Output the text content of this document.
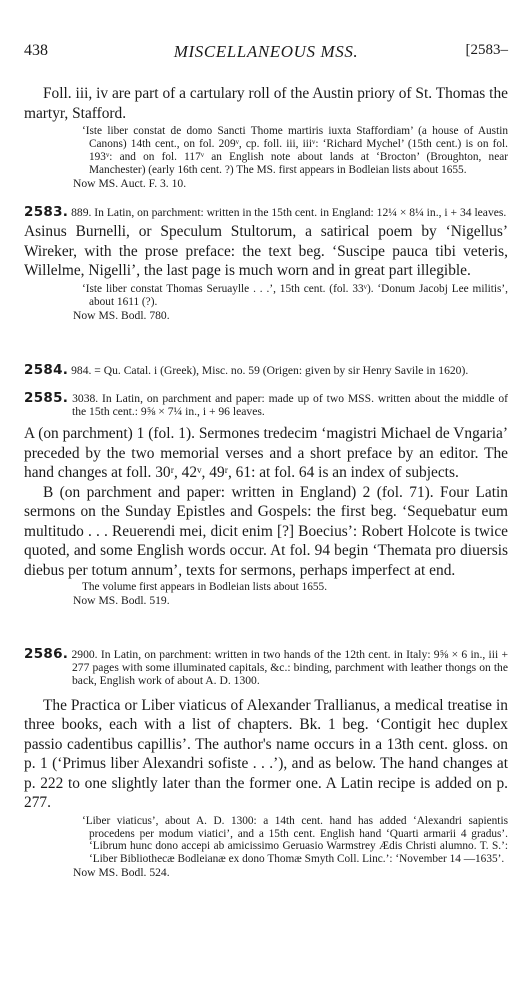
438	MISCELLANEOUS MSS.	[2583–

Foll. iii, iv are part of a cartulary roll of the Austin priory of St. Thomas the martyr, Stafford.

‘Iste liber constat de domo Sancti Thome martiris iuxta Staffordiam’ (a house of Austin Canons) 14th cent., on fol. 209ᵛ, cp. foll. iii, iiiᵛ: ‘Richard Mychel’ (15th cent.) is on fol. 193ᵛ: and on fol. 117ᵛ an English note about lands at ‘Brocton’ (Broughton, near Manchester) (early 16th cent. ?) The MS. first appears in Bodleian lists about 1655.

Now MS. Auct. F. 3. 10.

2583. 889. In Latin, on parchment: written in the 15th cent. in England: 12¼ × 8¼ in., i + 34 leaves.

Asinus Burnelli, or Speculum Stultorum, a satirical poem by ‘Nigellus’ Wireker, with the prose preface: the text beg. ‘Suscipe pauca tibi veteris, Willelme, Nigelli’, the last page is much worn and in great part illegible.

‘Iste liber constat Thomas Seruaylle . . .’, 15th cent. (fol. 33ᵛ). ‘Donum Jacobj Lee militis’, about 1611 (?).

Now MS. Bodl. 780.

2584. 984. = Qu. Catal. i (Greek), Misc. no. 59 (Origen: given by sir Henry Savile in 1620).

2585. 3038. In Latin, on parchment and paper: made up of two MSS. written about the middle of the 15th cent.: 9⅝ × 7¼ in., i + 96 leaves.

A (on parchment) 1 (fol. 1). Sermones tredecim ‘magistri Michael de Vngaria’ preceded by the two memorial verses and a short preface by an editor. The hand changes at foll. 30ʳ, 42ᵛ, 49ʳ, 61: at fol. 64 is an index of subjects.

B (on parchment and paper: written in England) 2 (fol. 71). Four Latin sermons on the Sunday Epistles and Gospels: the first beg. ‘Sequebatur eum multitudo . . . Reuerendi mei, dicit enim [?] Boecius’: Robert Holcote is twice quoted, and some English words occur. At fol. 94 begin ‘Themata pro diuersis diebus per totum annum’, texts for sermons, perhaps imperfect at end.

The volume first appears in Bodleian lists about 1655.

Now MS. Bodl. 519.

2586. 2900. In Latin, on parchment: written in two hands of the 12th cent. in Italy: 9⅝ × 6 in., iii + 277 pages with some illuminated capitals, &c.: binding, parchment with leather thongs on the back, English work of about A. D. 1300.

The Practica or Liber viaticus of Alexander Trallianus, a medical treatise in three books, each with a list of chapters. Bk. 1 beg. ‘Contigit hec duplex passio cadentibus capillis’. The author's name occurs in a 13th cent. gloss. on p. 1 (‘Primus liber Alexandri sofiste . . .’), and as below. The hand changes at p. 222 to one slightly later than the former one. A Latin recipe is added on p. 277.

‘Liber viaticus’, about A. D. 1300: a 14th cent. hand has added ‘Alexandri sapientis procedens per modum viatici’, and a 15th cent. English hand ‘Quarti armarii 4 gradus’. ‘Librum hunc dono accepi ab amicissimo Geruasio Warmstrey Ædis Christi alumno. T. S.’: ‘Liber Bibliothecæ Bodleianæ ex dono Thomæ Smyth Coll. Linc.’: ‘November 14 —1635’.

Now MS. Bodl. 524.
